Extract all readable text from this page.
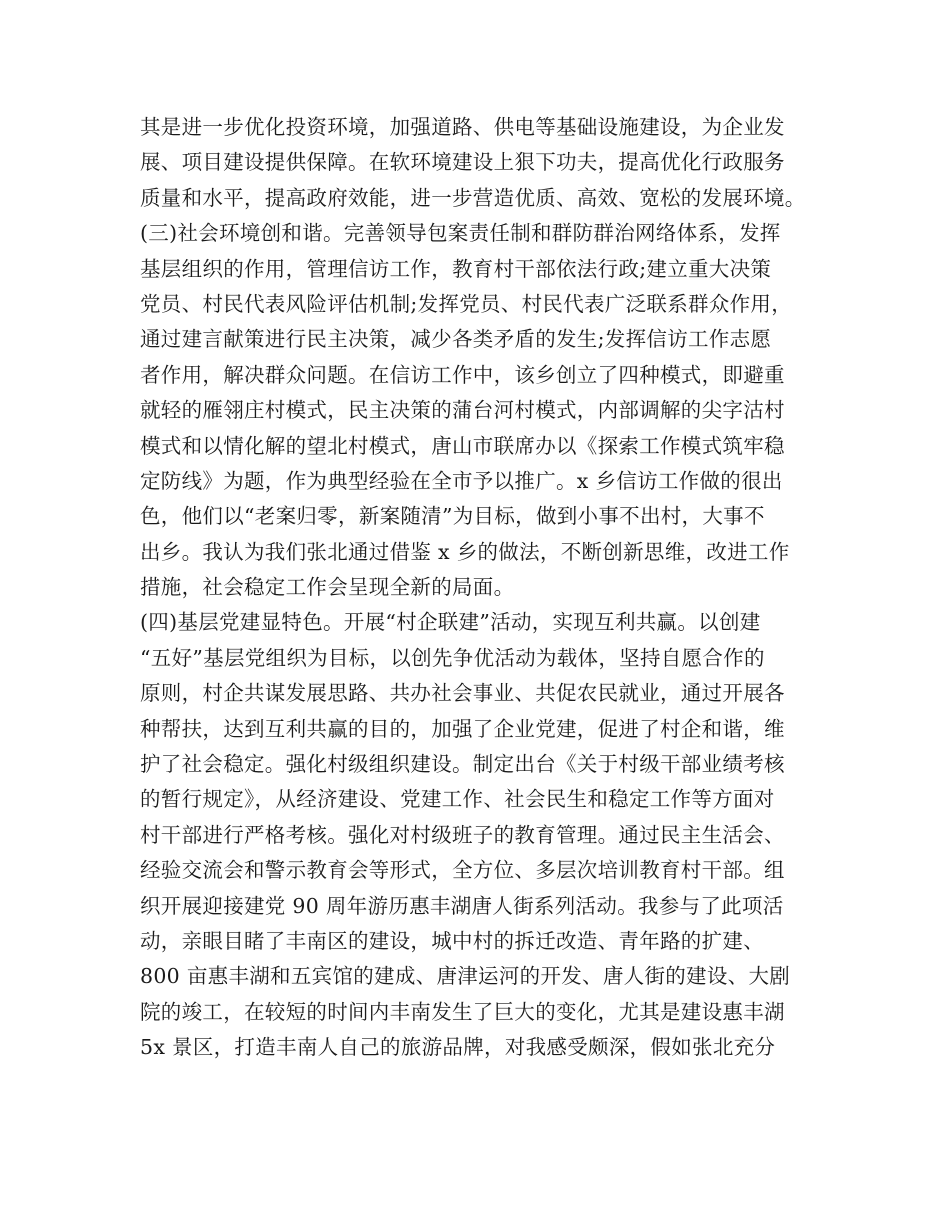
其是进一步优化投资环境，加强道路、供电等基础设施建设，为企业发
展、项目建设提供保障。在软环境建设上狠下功夫，提高优化行政服务
质量和水平，提高政府效能，进一步营造优质、高效、宽松的发展环境。
(三)社会环境创和谐。完善领导包案责任制和群防群治网络体系，发挥
基层组织的作用，管理信访工作，教育村干部依法行政;建立重大决策
党员、村民代表风险评估机制;发挥党员、村民代表广泛联系群众作用，
通过建言献策进行民主决策，减少各类矛盾的发生;发挥信访工作志愿
者作用，解决群众问题。在信访工作中，该乡创立了四种模式，即避重
就轻的雁翎庄村模式，民主决策的蒲台河村模式，内部调解的尖字沽村
模式和以情化解的望北村模式，唐山市联席办以《探索工作模式筑牢稳
定防线》为题，作为典型经验在全市予以推广。x 乡信访工作做的很出
色，他们以“老案归零，新案随清”为目标，做到小事不出村，大事不
出乡。我认为我们张北通过借鉴 x 乡的做法，不断创新思维，改进工作
措施，社会稳定工作会呈现全新的局面。
(四)基层党建显特色。开展“村企联建”活动，实现互利共赢。以创建
“五好”基层党组织为目标，以创先争优活动为载体，坚持自愿合作的
原则，村企共谋发展思路、共办社会事业、共促农民就业，通过开展各
种帮扶，达到互利共赢的目的，加强了企业党建，促进了村企和谐，维
护了社会稳定。强化村级组织建设。制定出台《关于村级干部业绩考核
的暂行规定》，从经济建设、党建工作、社会民生和稳定工作等方面对
村干部进行严格考核。强化对村级班子的教育管理。通过民主生活会、
经验交流会和警示教育会等形式，全方位、多层次培训教育村干部。组
织开展迎接建党 90 周年游历惠丰湖唐人街系列活动。我参与了此项活
动，亲眼目睹了丰南区的建设，城中村的拆迁改造、青年路的扩建、
800 亩惠丰湖和五宾馆的建成、唐津运河的开发、唐人街的建设、大剧
院的竣工，在较短的时间内丰南发生了巨大的变化，尤其是建设惠丰湖
5x 景区，打造丰南人自己的旅游品牌，对我感受颇深，假如张北充分
